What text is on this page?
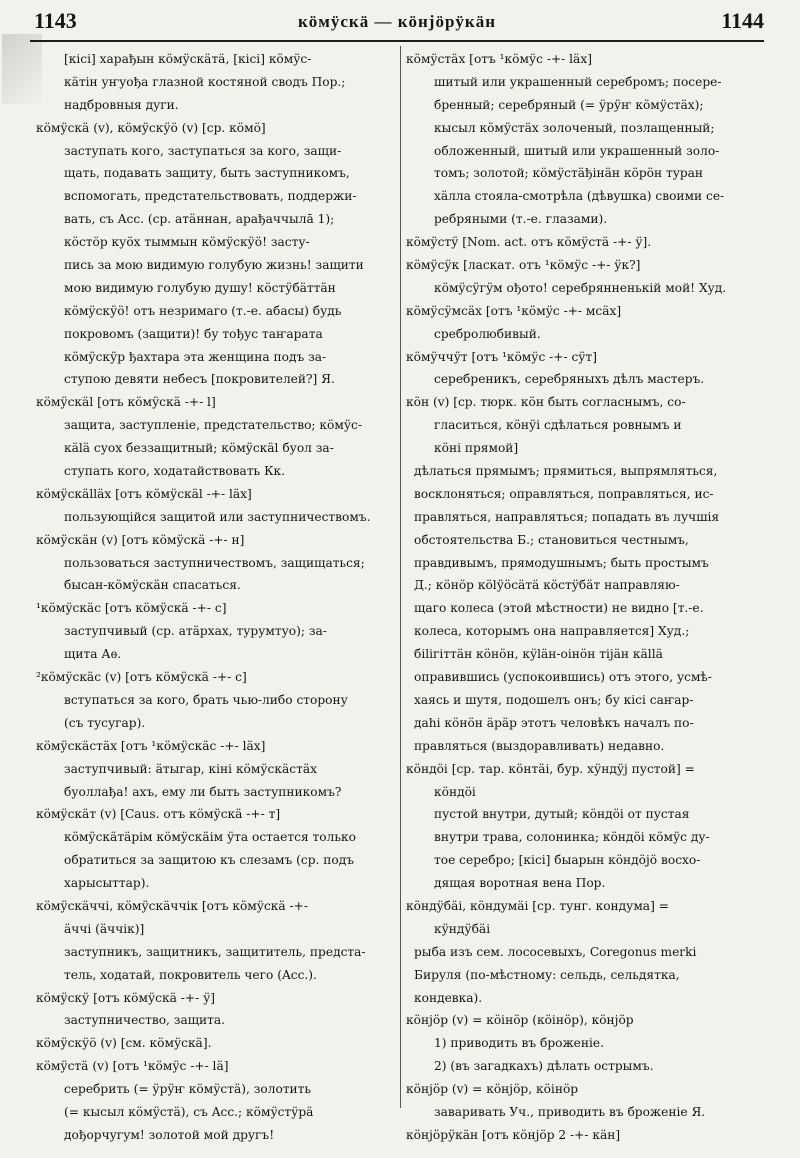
1143	кӧмӱскӓ — кӧнјӧрӱкӓн	1144
[кісі] харађын кӧмӱскӓтӓ, [кісі] кӧмӱс-
кӓтін уҥуођа глазной костяной сводъ Пор.;
надбровныя дуги.
кӧмӱскӓ (v), кӧмӱскӱӧ (v) [ср. кӧмӧ]
заступать кого, заступаться за кого, защи-
щать, подавать защиту, быть заступникомъ,
вспомогать, предстательствовать, поддержи-
вать, съ Acc. (ср. атӓннан, арађаччылā 1);
кӧстӧр куӧх тыммын кӧмӱскӱӧ! засту-
пись за мою видимую голубую жизнь! защити
мою видимую голубую душу! кӧстӱбӓттӓн
кӧмӱскӱӧ! отъ незримаго (т.-е. абасы) будь
покровомъ (защити)! бу тођус таҥарата
кӧмӱскӱр ђахтара эта женщина подъ за-
ступою девяти небесъ [покровителей?] Я.
кӧмӱскӓl [отъ кӧмӱскӓ -+- l]
защита, заступленіе, предстательство; кӧмӱс-
кӓlӓ суох беззащитный; кӧмӱскӓl буол за-
ступать кого, ходатайствовать Кк.
кӧмӱскӓllӓх [отъ кӧмӱскӓl -+- lӓх]
пользующійся защитой или заступничествомъ.
кӧмӱскӓн (v) [отъ кӧмӱскӓ -+- н]
пользоваться заступничествомъ, защищаться;
бысан-кӧмӱскӓн спасаться.
¹кӧмӱскӓс [отъ кӧмӱскӓ -+- с]
заступчивый (ср. атӓрхах, турумтуо); за-
щита Аѳ.
²кӧмӱскӓс (v) [отъ кӧмӱскӓ -+- с]
вступаться за кого, брать чью-либо сторону
(съ тусугар).
кӧмӱскӓстӓх [отъ ¹кӧмӱскӓс -+- lӓх]
заступчивый: ӓтыгар, кіні кӧмӱскӓстӓх
буоллађа! ахъ, ему ли быть заступникомъ?
кӧмӱскӓт (v) [Caus. отъ кӧмӱскӓ -+- т]
кӧмӱскӓтӓрім кӧмӱскӓім ӱта остается только
обратиться за защитою къ слезамъ (ср. подъ
харысыттар).
кӧмӱскӓччі, кӧмӱскӓччік [отъ кӧмӱскӓ -+-
ӓччі (ӓччік)]
заступникъ, защитникъ, защититель, предста-
тель, ходатай, покровитель чего (Acc.).
кӧмӱскӱ [отъ кӧмӱскӓ -+- ӱ]
заступничество, защита.
кӧмӱскӱӧ (v) [см. кӧмӱскӓ].
кӧмӱстӓ (v) [отъ ¹кӧмӱс -+- lӓ]
серебрить (= ӱрӱҥ кӧмӱстӓ), золотить
(= кысыл кӧмӱстӓ), съ Acc.; кӧмӱстӱрӓ
дођорчугум! золотой мой другъ!
кӧмӱстӓх [отъ ¹кӧмӱс -+- lӓх]
шитый или украшенный серебромъ; посере-
бренный; серебряный (= ӱрӱҥ кӧмӱстӓх);
кысыл кӧмӱстӓх золоченый, позлащенный;
обложенный, шитый или украшенный золо-
томъ; золотой; кӧмӱстӓђінӓн кӧрӧн туран
хӓлла стояла-смотрѣла (дѣвушка) своими се-
ребряными (т.-е. глазами).
кӧмӱстӱ [Nom. act. отъ кӧмӱстӓ -+- ӱ].
кӧмӱсӱк [ласкат. отъ ¹кӧмӱс -+- ӱк?]
кӧмӱсӱгӱм ођото! серебрянненькій мой! Худ.
кӧмӱсӱмсӓх [отъ ¹кӧмӱс -+- мсӓх]
сребролюбивый.
кӧмӱччӱт [отъ ¹кӧмӱс -+- сӱт]
серебреникъ, серебряныхъ дѣлъ мастеръ.
кӧн (v) [ср. тюрк. кӧн быть согласнымъ, со-
гласиться, кӧнӱі сдѣлаться ровнымъ и
кӧні прямой]
дѣлаться прямымъ; прямиться, выпрямляться,
восклоняться; оправляться, поправляться, ис-
правляться, направляться; попадать въ лучшія
обстоятельства Б.; становиться честнымъ,
правдивымъ, прямодушнымъ; быть простымъ
Д.; кӧнӧр кӧlӱӧсӓтӓ кӧстӱбӓт направляю-
щаго колеса (этой мѣстности) не видно [т.-е.
колеса, которымъ она направляется] Худ.;
біlігіттӓн кӧнӧн, кӱlӓн-оінӧн тіјӓн кӓllӓ
оправившись (успокоившись) отъ этого, усмѣ-
хаясь и шутя, подошелъ онъ; бу кісі саҥар-
даһі кӧнӧн ӓрӓр этотъ человѣкъ началъ по-
правляться (выздоравливать) недавно.
кӧндӧі [ср. тар. кӧнтӓі, бур. хӱндӱј пустой] =
кӧндӧі
пустой внутри, дутый; кӧндӧі от пустая
внутри трава, солонинка; кӧндӧі кӧмӱс ду-
тое серебро; [кісі] быарын кӧндӧјӧ восхо-
дящая воротная вена Пор.
кӧндӱбӓі, кӧндумӓі [ср. тунг. кондума] =
кӱндӱбӓі
рыба изъ сем. лососевыхъ, Coregonus merki
Бируля (по-мѣстному: сельдь, сельдятка,
кондевка).
кӧнјӧр (v) = кӧінӧр (кӧінӧр), кӧнјӧр
1) приводить въ броженіе.
2) (въ загадкахъ) дѣлать острымъ.
кӧнјӧр (v) = кӧнјӧр, кӧінӧр
заваривать Уч., приводить въ броженіе Я.
кӧнјӧрӱкӓн [отъ кӧнјӧр 2 -+- кӓн]
